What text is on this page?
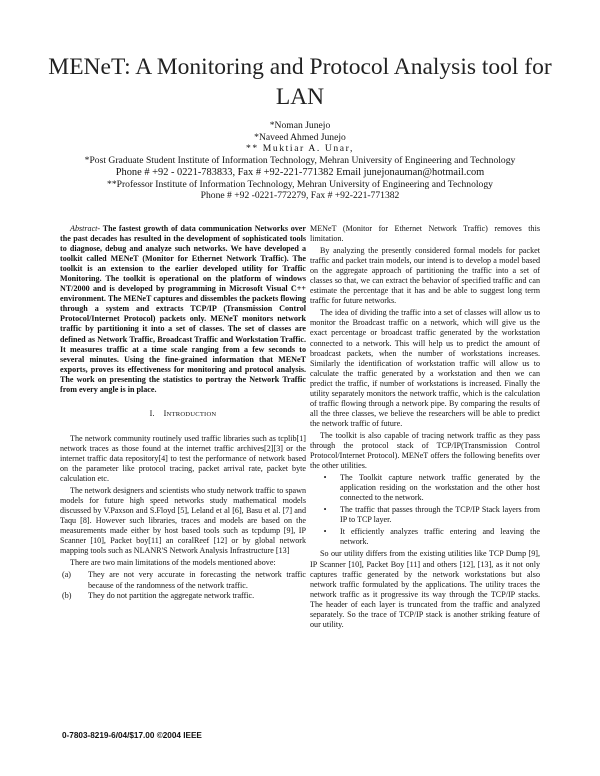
MENeT: A Monitoring and Protocol Analysis tool for LAN
*Noman Junejo
*Naveed Ahmed Junejo
** Muktiar A. Unar,
*Post Graduate Student Institute of Information Technology, Mehran University of Engineering and Technology
Phone # +92 - 0221-783833, Fax # +92-221-771382 Email junejonauman@hotmail.com
**Professor Institute of Information Technology, Mehran University of Engineering and Technology
Phone # +92 -0221-772279, Fax # +92-221-771382
Abstract- The fastest growth of data communication Networks over the past decades has resulted in the development of sophisticated tools to diagnose, debug and analyze such networks. We have developed a toolkit called MENeT (Monitor for Ethernet Network Traffic). The toolkit is an extension to the earlier developed utility for Traffic Monitoring. The toolkit is operational on the platform of windows NT/2000 and is developed by programming in Microsoft Visual C++ environment. The MENeT captures and dissembles the packets flowing through a system and extracts TCP/IP (Transmission Control Protocol/Internet Protocol) packets only. MENeT monitors network traffic by partitioning it into a set of classes. The set of classes are defined as Network Traffic, Broadcast Traffic and Workstation Traffic. It measures traffic at a time scale ranging from a few seconds to several minutes. Using the fine-grained information that MENeT exports, proves its effectiveness for monitoring and protocol analysis. The work on presenting the statistics to portray the Network Traffic from every angle is in place.
I. INTRODUCTION

The network community routinely used traffic libraries such as tcplib[1] network traces as those found at the internet traffic archives[2][3] or the internet traffic data repository[4] to test the performance of network based on the parameter like protocol tracing, packet arrival rate, packet byte calculation etc.

The network designers and scientists who study network traffic to spawn models for future high speed networks study mathematical models discussed by V.Paxson and S.Floyd [5], Leland et al [6], Basu et al. [7] and Taqu [8]. However such libraries, traces and models are based on the measurements made either by host based tools such as tcpdump [9], IP Scanner [10], Packet boy[11] an coralReef [12] or by global network mapping tools such as NLANR'S Network Analysis Infrastructure [13]

There are two main limitations of the models mentioned above:

(a)	They are not very accurate in forecasting the network traffic because of the randomness of the network traffic.
(b)	They do not partition the aggregate network traffic.

MENeT (Monitor for Ethernet Network Traffic) removes this limitation.

By analyzing the presently considered formal models for packet traffic and packet train models, our intend is to develop a model based on the aggregate approach of partitioning the traffic into a set of classes so that, we can extract the behavior of specified traffic and can estimate the percentage that it has and be able to suggest long term traffic for future networks.

The idea of dividing the traffic into a set of classes will allow us to monitor the Broadcast traffic on a network, which will give us the exact percentage or broadcast traffic generated by the workstation connected to a network. This will help us to predict the amount of broadcast packets, when the number of workstations increases. Similarly the identification of workstation traffic will allow us to calculate the traffic generated by a workstation and then we can predict the traffic, if number of workstations is increased. Finally the utility separately monitors the network traffic, which is the calculation of traffic flowing through a network pipe. By comparing the results of all the three classes, we believe the researchers will be able to predict the network traffic of future.

The toolkit is also capable of tracing network traffic as they pass through the protocol stack of TCP/IP(Transmission Control Protocol/Internet Protocol). MENeT offers the following benefits over the other utilities.

•	The Toolkit capture network traffic generated by the application residing on the workstation and the other host connected to the network.
•	The traffic that passes through the TCP/IP Stack layers from IP to TCP layer.
•	It efficiently analyzes traffic entering and leaving the network.

So our utility differs from the existing utilities like TCP Dump [9], IP Scanner [10], Packet Boy [11] and others [12], [13], as it not only captures traffic generated by the network workstations but also network traffic formulated by the applications. The utility traces the network traffic as it progressive its way through the TCP/IP stacks. The header of each layer is truncated from the traffic and analyzed separately. So the trace of TCP/IP stack is another striking feature of our utility.

0-7803-8219-6/04/$17.00 ©2004 IEEE
